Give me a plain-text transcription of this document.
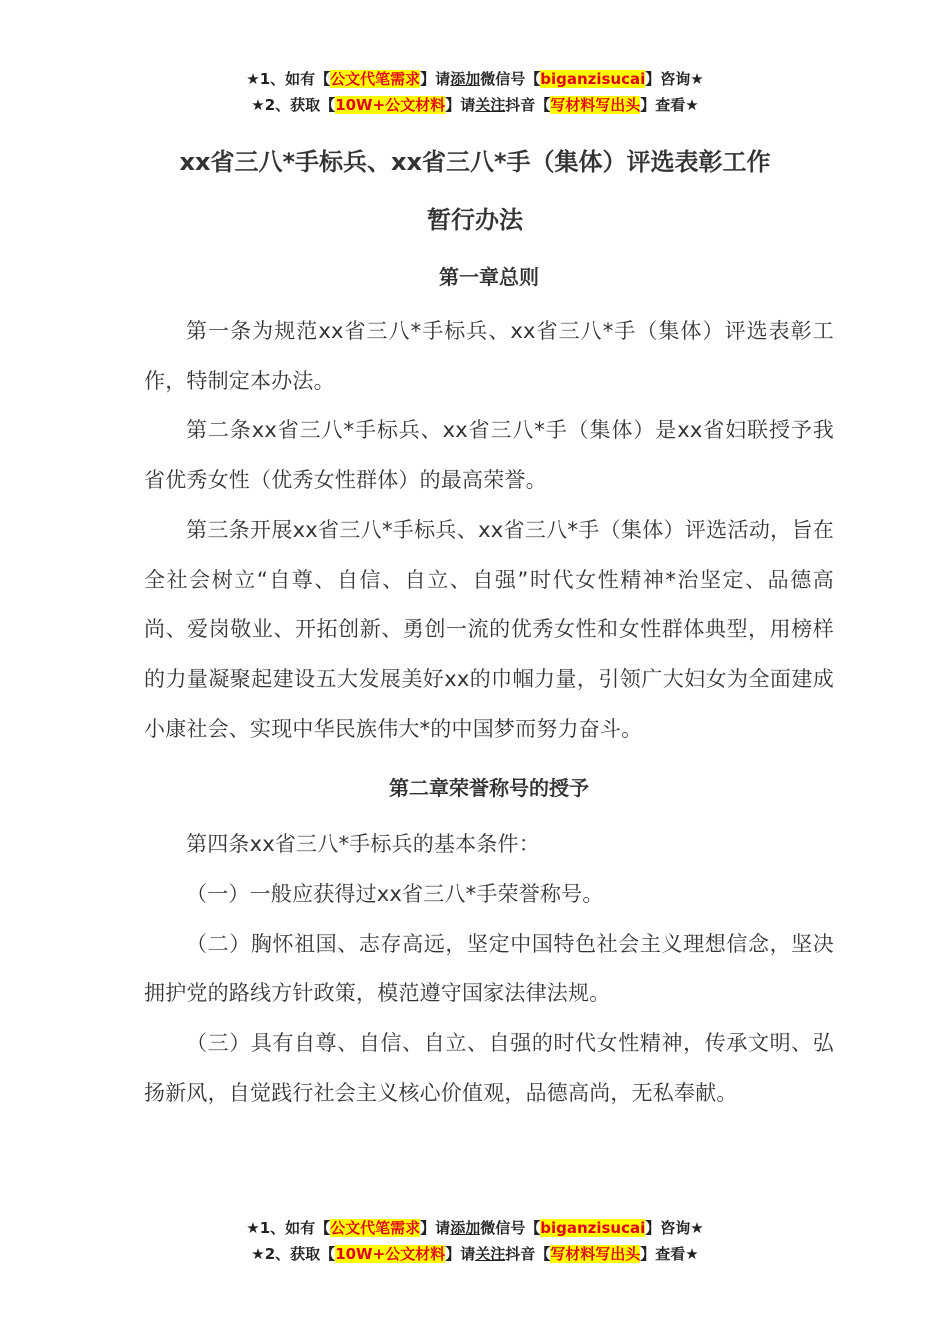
★1、如有【公文代笔需求】请添加微信号【biganzisucai】咨询★
★2、获取【10W+公文材料】请关注抖音【写材料写出头】查看★
xx省三八*手标兵、xx省三八*手（集体）评选表彰工作
暂行办法
第一章总则

第一条为规范xx省三八*手标兵、xx省三八*手（集体）评选表彰工作，特制定本办法。

第二条xx省三八*手标兵、xx省三八*手（集体）是xx省妇联授予我省优秀女性（优秀女性群体）的最高荣誉。

第三条开展xx省三八*手标兵、xx省三八*手（集体）评选活动，旨在全社会树立“自尊、自信、自立、自强”时代女性精神*治坚定、品德高尚、爱岗敬业、开拓创新、勇创一流的优秀女性和女性群体典型，用榜样的力量凝聚起建设五大发展美好xx的巾帼力量，引领广大妇女为全面建成小康社会、实现中华民族伟大*的中国梦而努力奋斗。

第二章荣誉称号的授予

第四条xx省三八*手标兵的基本条件：

（一）一般应获得过xx省三八*手荣誉称号。

（二）胸怀祖国、志存高远，坚定中国特色社会主义理想信念，坚决拥护党的路线方针政策，模范遵守国家法律法规。

（三）具有自尊、自信、自立、自强的时代女性精神，传承文明、弘扬新风，自觉践行社会主义核心价值观，品德高尚，无私奉献。

★1、如有【公文代笔需求】请添加微信号【biganzisucai】咨询★
★2、获取【10W+公文材料】请关注抖音【写材料写出头】查看★
